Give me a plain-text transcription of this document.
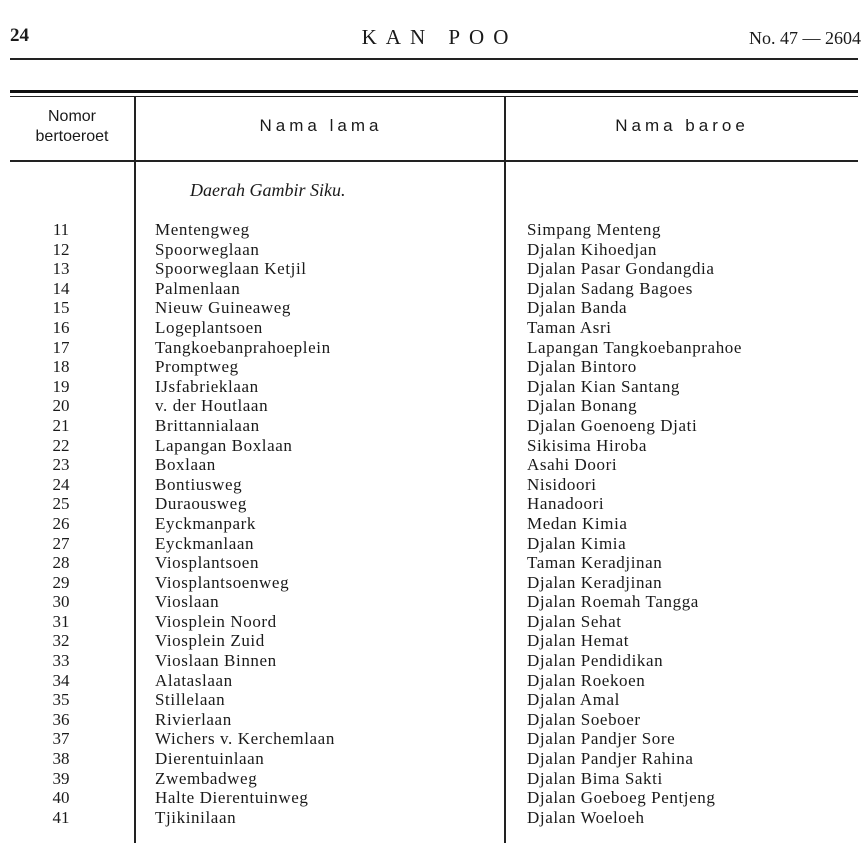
24	KAN POO	No. 47 — 2604
Nomor
bertoeroet
Nama lama	Nama baroe
Daerah Gambir Siku.
11	Mentengweg	Simpang Menteng
12	Spoorweglaan	Djalan Kihoedjan
13	Spoorweglaan Ketjil	Djalan Pasar Gondangdia
14	Palmenlaan	Djalan Sadang Bagoes
15	Nieuw Guineaweg	Djalan Banda
16	Logeplantsoen	Taman Asri
17	Tangkoebanprahoeplein	Lapangan Tangkoebanprahoe
18	Promptweg	Djalan Bintoro
19	IJsfabrieklaan	Djalan Kian Santang
20	v. der Houtlaan	Djalan Bonang
21	Brittannialaan	Djalan Goenoeng Djati
22	Lapangan Boxlaan	Sikisima Hiroba
23	Boxlaan	Asahi Doori
24	Bontiusweg	Nisidoori
25	Duraousweg	Hanadoori
26	Eyckmanpark	Medan Kimia
27	Eyckmanlaan	Djalan Kimia
28	Viosplantsoen	Taman Keradjinan
29	Viosplantsoenweg	Djalan Keradjinan
30	Vioslaan	Djalan Roemah Tangga
31	Viosplein Noord	Djalan Sehat
32	Viosplein Zuid	Djalan Hemat
33	Vioslaan Binnen	Djalan Pendidikan
34	Alataslaan	Djalan Roekoen
35	Stillelaan	Djalan Amal
36	Rivierlaan	Djalan Soeboer
37	Wichers v. Kerchemlaan	Djalan Pandjer Sore
38	Dierentuinlaan	Djalan Pandjer Rahina
39	Zwembadweg	Djalan Bima Sakti
40	Halte Dierentuinweg	Djalan Goeboeg Pentjeng
41	Tjikinilaan	Djalan Woeloeh
